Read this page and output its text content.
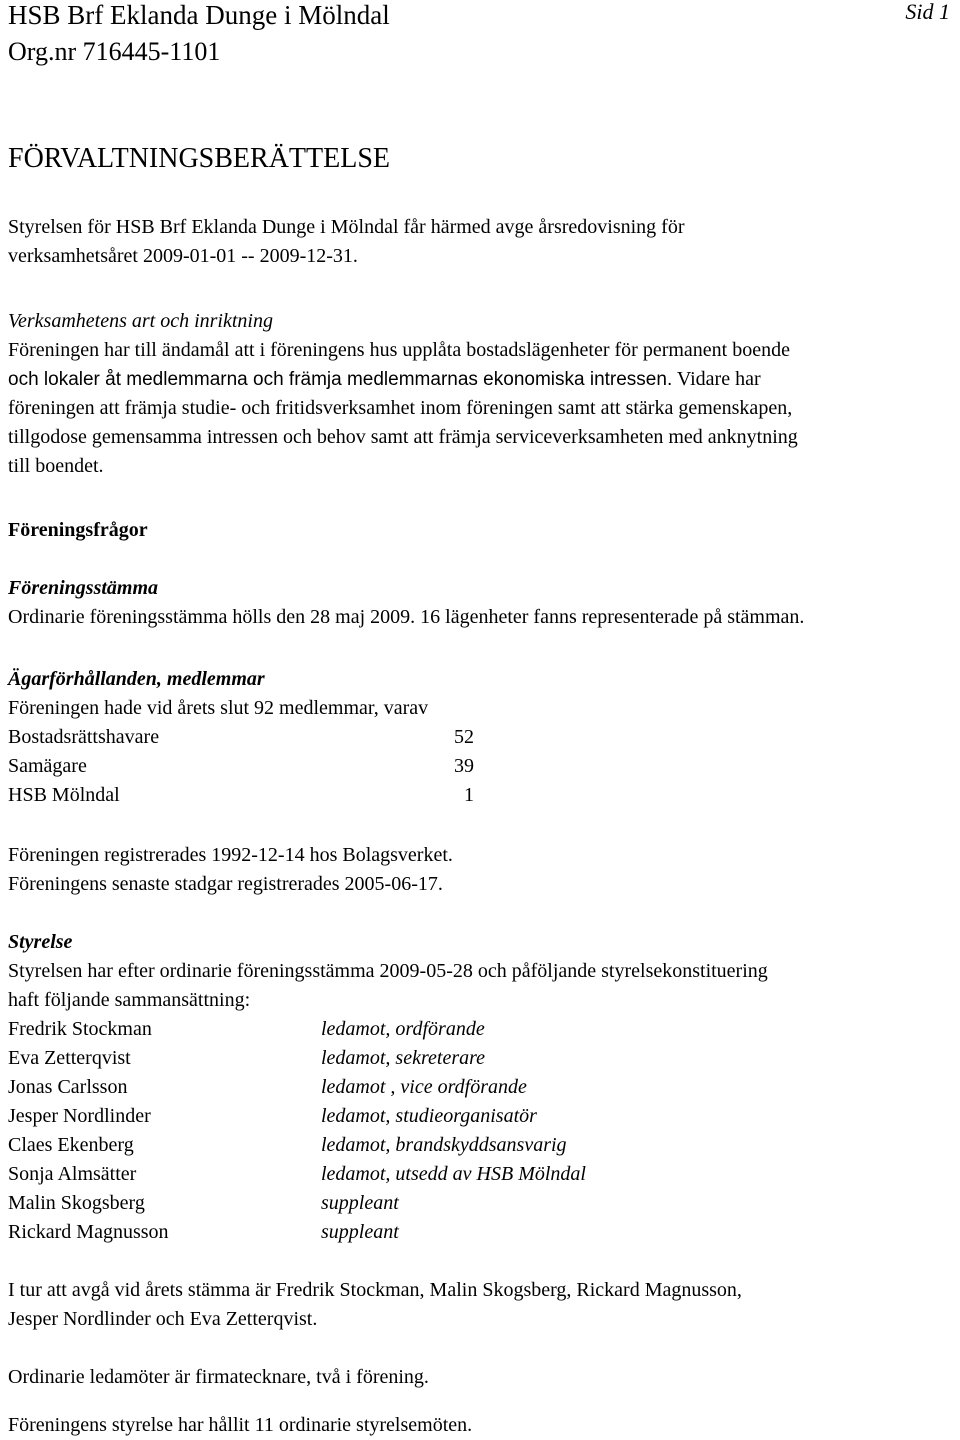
HSB Brf Eklanda Dunge i Mölndal
Org.nr 716445-1101
Sid 1
FÖRVALTNINGSBERÄTTELSE
Styrelsen för HSB Brf Eklanda Dunge i Mölndal får härmed avge årsredovisning för
verksamhetsåret 2009-01-01 -- 2009-12-31.
Verksamhetens art och inriktning
Föreningen har till ändamål att i föreningens hus upplåta bostadslägenheter för permanent boende
och lokaler åt medlemmarna och främja medlemmarnas ekonomiska intressen. Vidare har
föreningen att främja studie- och fritidsverksamhet inom föreningen samt att stärka gemenskapen,
tillgodose gemensamma intressen och behov samt att främja serviceverksamheten med anknytning
till boendet.
Föreningsfrågor
Föreningsstämma
Ordinarie föreningsstämma hölls den 28 maj 2009. 16 lägenheter fanns representerade på stämman.
Ägarförhållanden, medlemmar
Föreningen hade vid årets slut 92 medlemmar, varav
Bostadsrättshavare	52
Samägare	39
HSB Mölndal	1
Föreningen registrerades 1992-12-14 hos Bolagsverket.
Föreningens senaste stadgar registrerades 2005-06-17.
Styrelse
Styrelsen har efter ordinarie föreningsstämma 2009-05-28 och påföljande styrelsekonstituering
haft följande sammansättning:
Fredrik Stockman	ledamot, ordförande
Eva Zetterqvist	ledamot, sekreterare
Jonas Carlsson	ledamot , vice ordförande
Jesper Nordlinder	ledamot, studieorganisatör
Claes Ekenberg	ledamot, brandskyddsansvarig
Sonja Almsätter	ledamot, utsedd av HSB Mölndal
Malin Skogsberg	suppleant
Rickard Magnusson	suppleant
I tur att avgå vid årets stämma är Fredrik Stockman, Malin Skogsberg, Rickard Magnusson,
Jesper Nordlinder och Eva Zetterqvist.
Ordinarie ledamöter är firmatecknare, två i förening.
Föreningens styrelse har hållit 11 ordinarie styrelsemöten.
